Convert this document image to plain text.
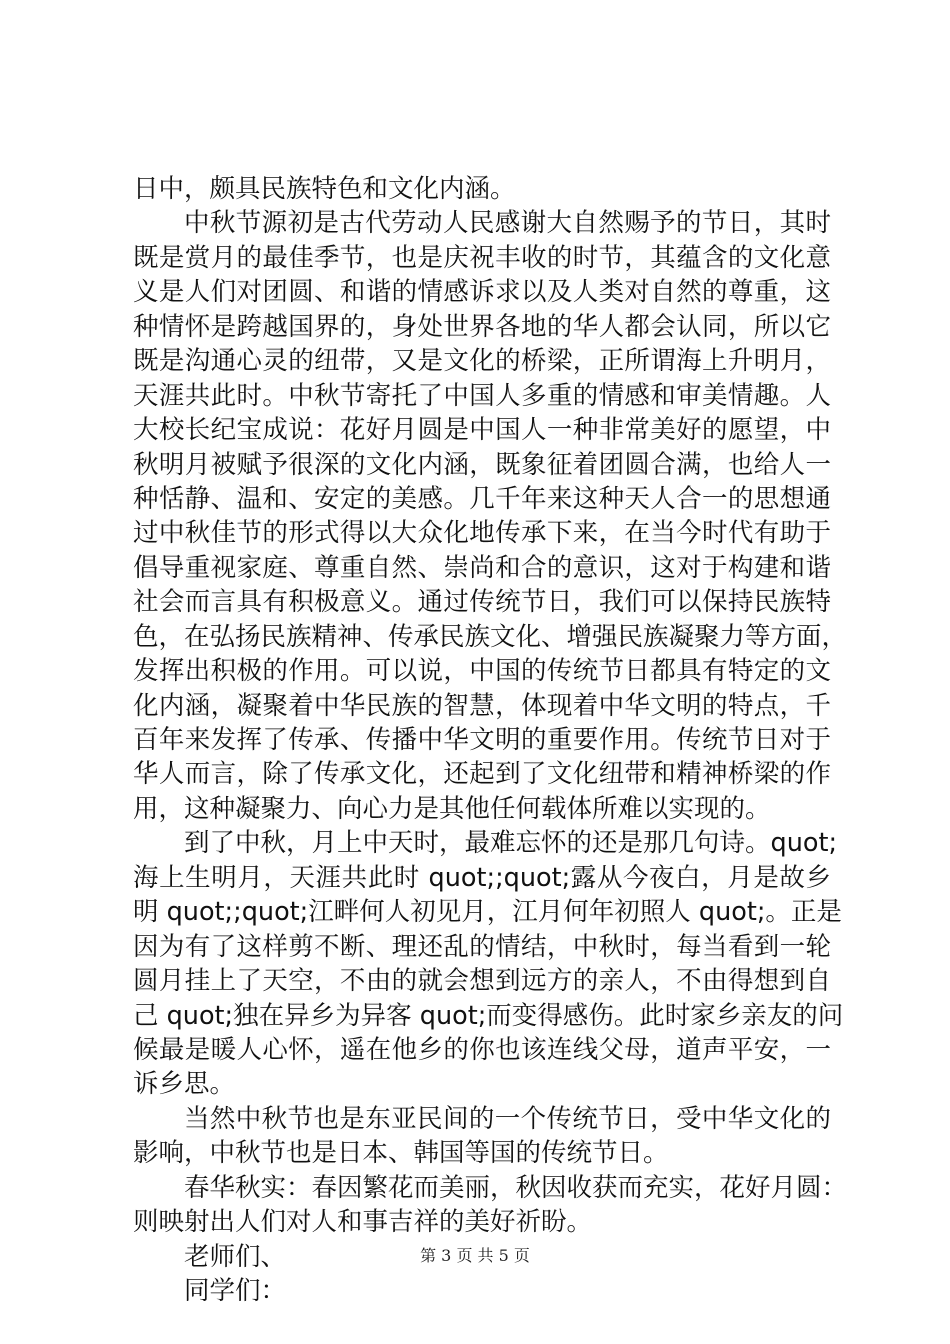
日中，颇具民族特色和文化内涵。
中秋节源初是古代劳动人民感谢大自然赐予的节日，其时
既是赏月的最佳季节，也是庆祝丰收的时节，其蕴含的文化意
义是人们对团圆、和谐的情感诉求以及人类对自然的尊重，这
种情怀是跨越国界的，身处世界各地的华人都会认同，所以它
既是沟通心灵的纽带，又是文化的桥梁，正所谓海上升明月，
天涯共此时。中秋节寄托了中国人多重的情感和审美情趣。人
大校长纪宝成说：花好月圆是中国人一种非常美好的愿望，中
秋明月被赋予很深的文化内涵，既象征着团圆合满，也给人一
种恬静、温和、安定的美感。几千年来这种天人合一的思想通
过中秋佳节的形式得以大众化地传承下来，在当今时代有助于
倡导重视家庭、尊重自然、崇尚和合的意识，这对于构建和谐
社会而言具有积极意义。通过传统节日，我们可以保持民族特
色，在弘扬民族精神、传承民族文化、增强民族凝聚力等方面，
发挥出积极的作用。可以说，中国的传统节日都具有特定的文
化内涵，凝聚着中华民族的智慧，体现着中华文明的特点，千
百年来发挥了传承、传播中华文明的重要作用。传统节日对于
华人而言，除了传承文化，还起到了文化纽带和精神桥梁的作
用，这种凝聚力、向心力是其他任何载体所难以实现的。
到了中秋，月上中天时，最难忘怀的还是那几句诗。quot;
海上生明月，天涯共此时 quot;;quot;露从今夜白，月是故乡
明 quot;;quot;江畔何人初见月，江月何年初照人 quot;。正是
因为有了这样剪不断、理还乱的情结，中秋时，每当看到一轮
圆月挂上了天空，不由的就会想到远方的亲人，不由得想到自
己 quot;独在异乡为异客 quot;而变得感伤。此时家乡亲友的问
候最是暖人心怀，遥在他乡的你也该连线父母，道声平安，一
诉乡思。
当然中秋节也是东亚民间的一个传统节日，受中华文化的
影响，中秋节也是日本、韩国等国的传统节日。
春华秋实：春因繁花而美丽，秋因收获而充实，花好月圆：
则映射出人们对人和事吉祥的美好祈盼。
老师们、
同学们：
第 3 页 共 5 页
